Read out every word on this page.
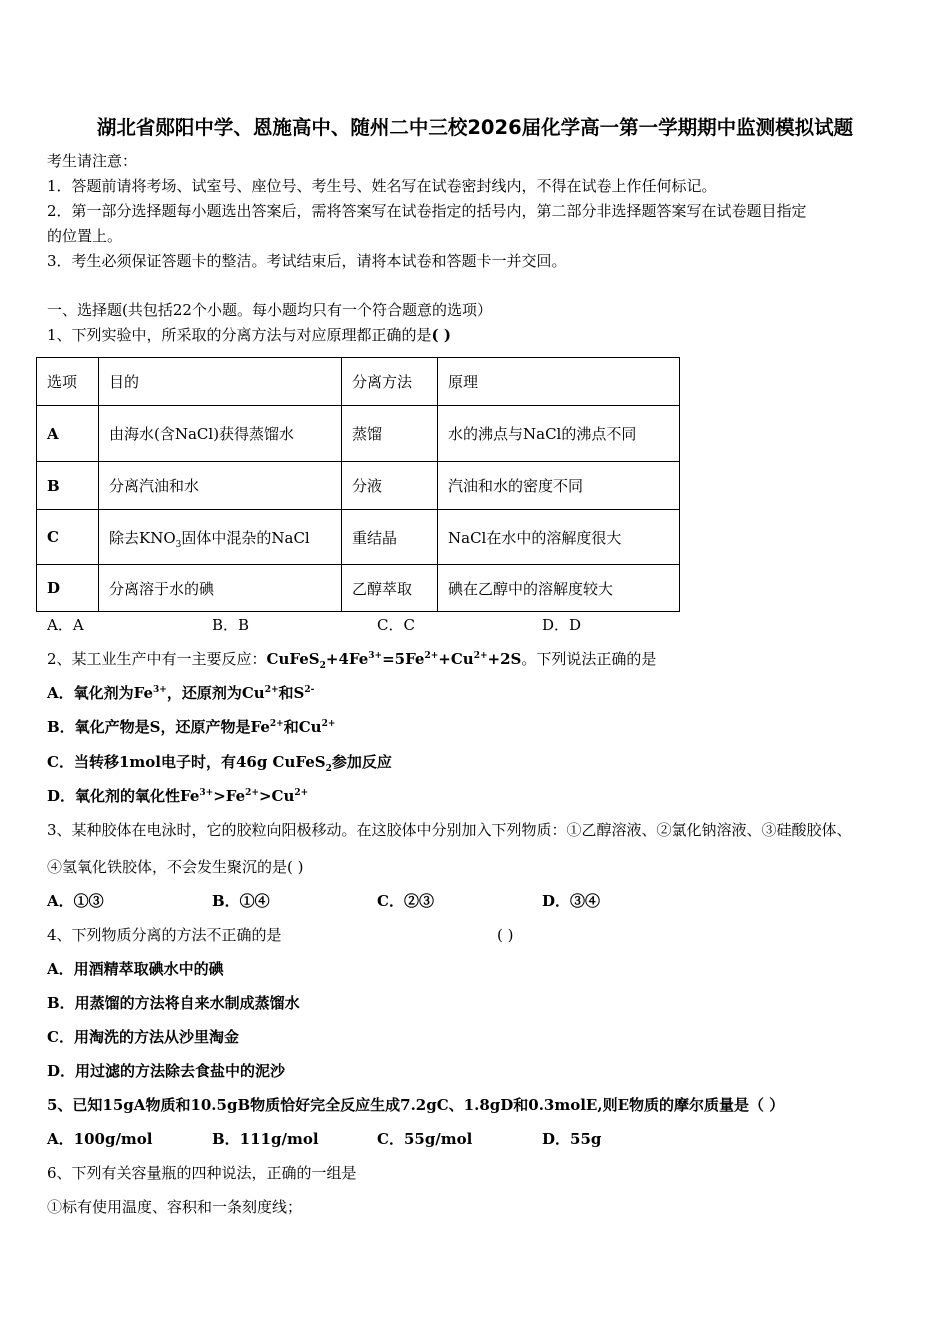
湖北省郧阳中学、恩施高中、随州二中三校2026届化学高一第一学期期中监测模拟试题
考生请注意：
1．答题前请将考场、试室号、座位号、考生号、姓名写在试卷密封线内，不得在试卷上作任何标记。
2．第一部分选择题每小题选出答案后，需将答案写在试卷指定的括号内，第二部分非选择题答案写在试卷题目指定
的位置上。
3．考生必须保证答题卡的整洁。考试结束后，请将本试卷和答题卡一并交回。
一、选择题(共包括22个小题。每小题均只有一个符合题意的选项）
1、下列实验中，所采取的分离方法与对应原理都正确的是( )
选项	目的	分离方法	原理
A	由海水(含NaCl)获得蒸馏水	蒸馏	水的沸点与NaCl的沸点不同
B	分离汽油和水	分液	汽油和水的密度不同
C	除去$KNO_3$固体中混杂的NaCl	重结晶	NaCl在水中的溶解度很大
D	分离溶于水的碘	乙醇萃取	碘在乙醇中的溶解度较大
A．A	B．B	C．C	D．D
2、某工业生产中有一主要反应：$CuFeS_2+4Fe^{3+}=5Fe^{2+}+Cu^{2+}+2S$。下列说法正确的是
A．氧化剂为$Fe^{3+}$，还原剂为$Cu^{2+}$和$S^{2-}$
B．氧化产物是S，还原产物是$Fe^{2+}$和$Cu^{2+}$
C．当转移1mol电子时，有46g CuFeS$_2$参加反应
D．氧化剂的氧化性$Fe^{3+}>Fe^{2+}>Cu^{2+}$
3、某种胶体在电泳时，它的胶粒向阳极移动。在这胶体中分别加入下列物质：①乙醇溶液、②氯化钠溶液、③硅酸胶体、
④氢氧化铁胶体，不会发生聚沉的是( )
A．①③	B．①④	C．②③	D．③④
4、下列物质分离的方法不正确的是	( )
A．用酒精萃取碘水中的碘
B．用蒸馏的方法将自来水制成蒸馏水
C．用淘洗的方法从沙里淘金
D．用过滤的方法除去食盐中的泥沙
5、已知15gA物质和10.5gB物质恰好完全反应生成7.2gC、1.8gD和0.3molE,则E物质的摩尔质量是（ ）
A．100g/mol	B．111g/mol	C．55g/mol	D．55g
6、下列有关容量瓶的四种说法，正确的一组是
①标有使用温度、容积和一条刻度线；
